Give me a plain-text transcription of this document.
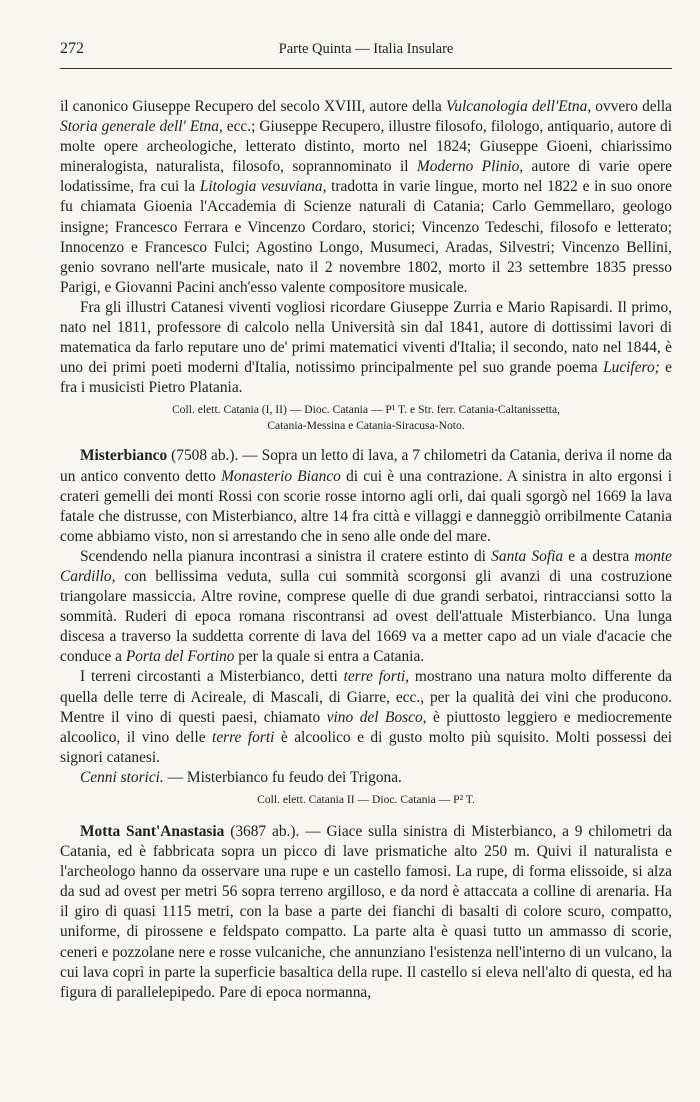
272	Parte Quinta — Italia Insulare

il canonico Giuseppe Recupero del secolo XVIII, autore della Vulcanologia dell'Etna, ovvero della Storia generale dell' Etna, ecc.; Giuseppe Recupero, illustre filosofo, filologo, antiquario, autore di molte opere archeologiche, letterato distinto, morto nel 1824; Giuseppe Gioeni, chiarissimo mineralogista, naturalista, filosofo, soprannominato il Moderno Plinio, autore di varie opere lodatissime, fra cui la Litologia vesuviana, tradotta in varie lingue, morto nel 1822 e in suo onore fu chiamata Gioenia l'Accademia di Scienze naturali di Catania; Carlo Gemmellaro, geologo insigne; Francesco Ferrara e Vincenzo Cordaro, storici; Vincenzo Tedeschi, filosofo e letterato; Innocenzo e Francesco Fulci; Agostino Longo, Musumeci, Aradas, Silvestri; Vincenzo Bellini, genio sovrano nell'arte musicale, nato il 2 novembre 1802, morto il 23 settembre 1835 presso Parigi, e Giovanni Pacini anch'esso valente compositore musicale.

Fra gli illustri Catanesi viventi vogliosi ricordare Giuseppe Zurria e Mario Rapisardi. Il primo, nato nel 1811, professore di calcolo nella Università sin dal 1841, autore di dottissimi lavori di matematica da farlo reputare uno de' primi matematici viventi d'Italia; il secondo, nato nel 1844, è uno dei primi poeti moderni d'Italia, notissimo principalmente pel suo grande poema Lucifero; e fra i musicisti Pietro Platania.

Coll. elett. Catania (I, II) — Dioc. Catania — P¹ T. e Str. ferr. Catania-Caltanissetta,
Catania-Messina e Catania-Siracusa-Noto.

Misterbianco (7508 ab.). — Sopra un letto di lava, a 7 chilometri da Catania, deriva il nome da un antico convento detto Monasterio Bianco di cui è una contrazione. A sinistra in alto ergonsi i crateri gemelli dei monti Rossi con scorie rosse intorno agli orli, dai quali sgorgò nel 1669 la lava fatale che distrusse, con Misterbianco, altre 14 fra città e villaggi e danneggiò orribilmente Catania come abbiamo visto, non si arrestando che in seno alle onde del mare.

Scendendo nella pianura incontrasi a sinistra il cratere estinto di Santa Sofia e a destra monte Cardillo, con bellissima veduta, sulla cui sommità scorgonsi gli avanzi di una costruzione triangolare massiccia. Altre rovine, comprese quelle di due grandi serbatoi, rintracciansi sotto la sommità. Ruderi di epoca romana riscontransi ad ovest dell'attuale Misterbianco. Una lunga discesa a traverso la suddetta corrente di lava del 1669 va a metter capo ad un viale d'acacie che conduce a Porta del Fortino per la quale si entra a Catania.

I terreni circostanti a Misterbianco, detti terre forti, mostrano una natura molto differente da quella delle terre di Acireale, di Mascali, di Giarre, ecc., per la qualità dei vini che producono. Mentre il vino di questi paesi, chiamato vino del Bosco, è piuttosto leggiero e mediocremente alcoolico, il vino delle terre forti è alcoolico e di gusto molto più squisito. Molti possessi dei signori catanesi.

Cenni storici. — Misterbianco fu feudo dei Trigona.

Coll. elett. Catania II — Dioc. Catania — P² T.

Motta Sant'Anastasia (3687 ab.). — Giace sulla sinistra di Misterbianco, a 9 chilometri da Catania, ed è fabbricata sopra un picco di lave prismatiche alto 250 m. Quivi il naturalista e l'archeologo hanno da osservare una rupe e un castello famosi. La rupe, di forma elissoide, si alza da sud ad ovest per metri 56 sopra terreno argilloso, e da nord è attaccata a colline di arenaria. Ha il giro di quasi 1115 metri, con la base a parte dei fianchi di basalti di colore scuro, compatto, uniforme, di pirossene e feldspato compatto. La parte alta è quasi tutto un ammasso di scorie, ceneri e pozzolane nere e rosse vulcaniche, che annunziano l'esistenza nell'interno di un vulcano, la cui lava coprì in parte la superficie basaltica della rupe. Il castello si eleva nell'alto di questa, ed ha figura di parallelepipedo. Pare di epoca normanna,
